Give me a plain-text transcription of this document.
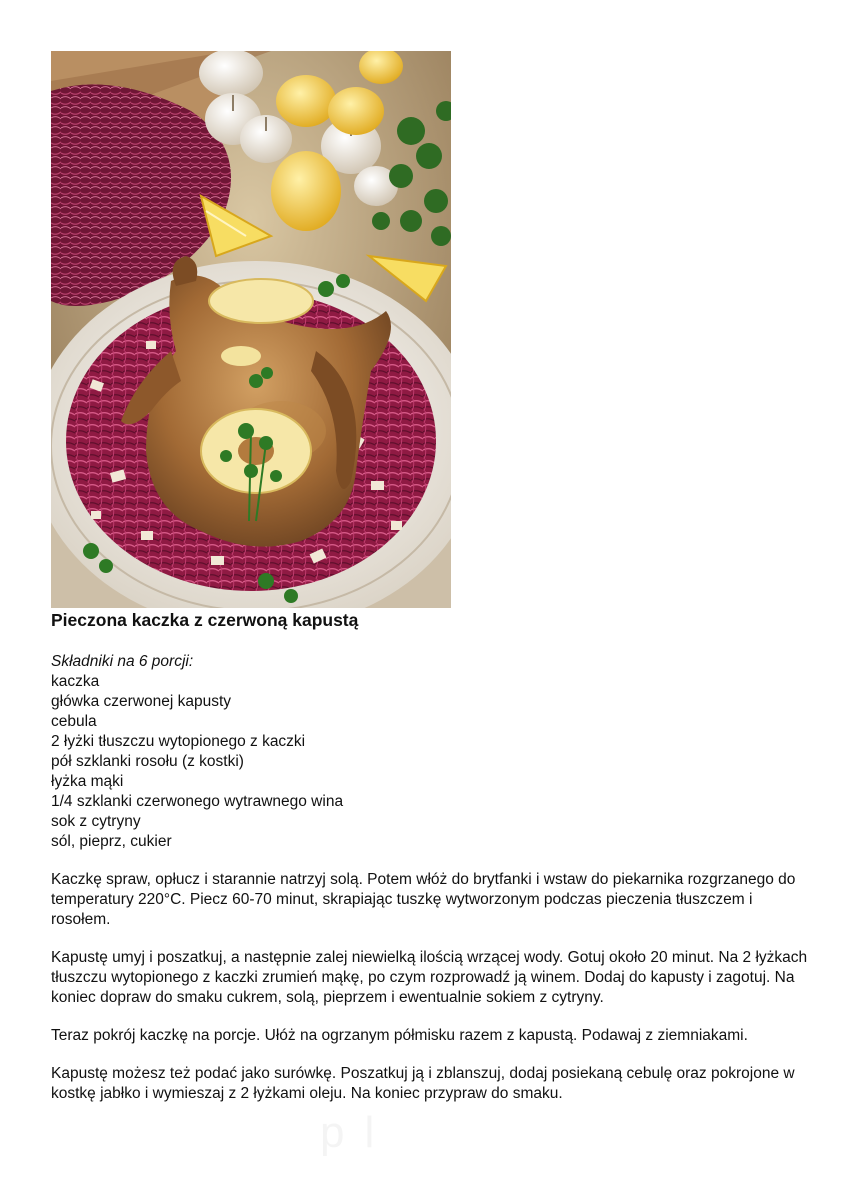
Pieczona kaczka z czerwoną kapustą
Składniki na 6 porcji:
kaczka
główka czerwonej kapusty
cebula
2 łyżki tłuszczu wytopionego z kaczki
pół szklanki rosołu (z kostki)
łyżka mąki
1/4 szklanki czerwonego wytrawnego wina
sok z cytryny
sól, pieprz, cukier

Kaczkę spraw, opłucz i starannie natrzyj solą. Potem włóż do brytfanki i wstaw do piekarnika rozgrzanego do temperatury 220°C. Piecz 60-70 minut, skrapiając tuszkę wytworzonym podczas pieczenia tłuszczem i rosołem.

Kapustę umyj i poszatkuj, a następnie zalej niewielką ilością wrzącej wody. Gotuj około 20 minut. Na 2 łyżkach tłuszczu wytopionego z kaczki zrumień mąkę, po czym rozprowadź ją winem. Dodaj do kapusty i zagotuj. Na koniec dopraw do smaku cukrem, solą, pieprzem i ewentualnie sokiem z cytryny.

Teraz pokrój kaczkę na porcje. Ułóż na ogrzanym półmisku razem z kapustą. Podawaj z ziemniakami.

Kapustę możesz też podać jako surówkę. Poszatkuj ją i zblanszuj, dodaj posiekaną cebulę oraz pokrojone w kostkę jabłko i wymieszaj z 2 łyżkami oleju. Na koniec przypraw do smaku.

pl
